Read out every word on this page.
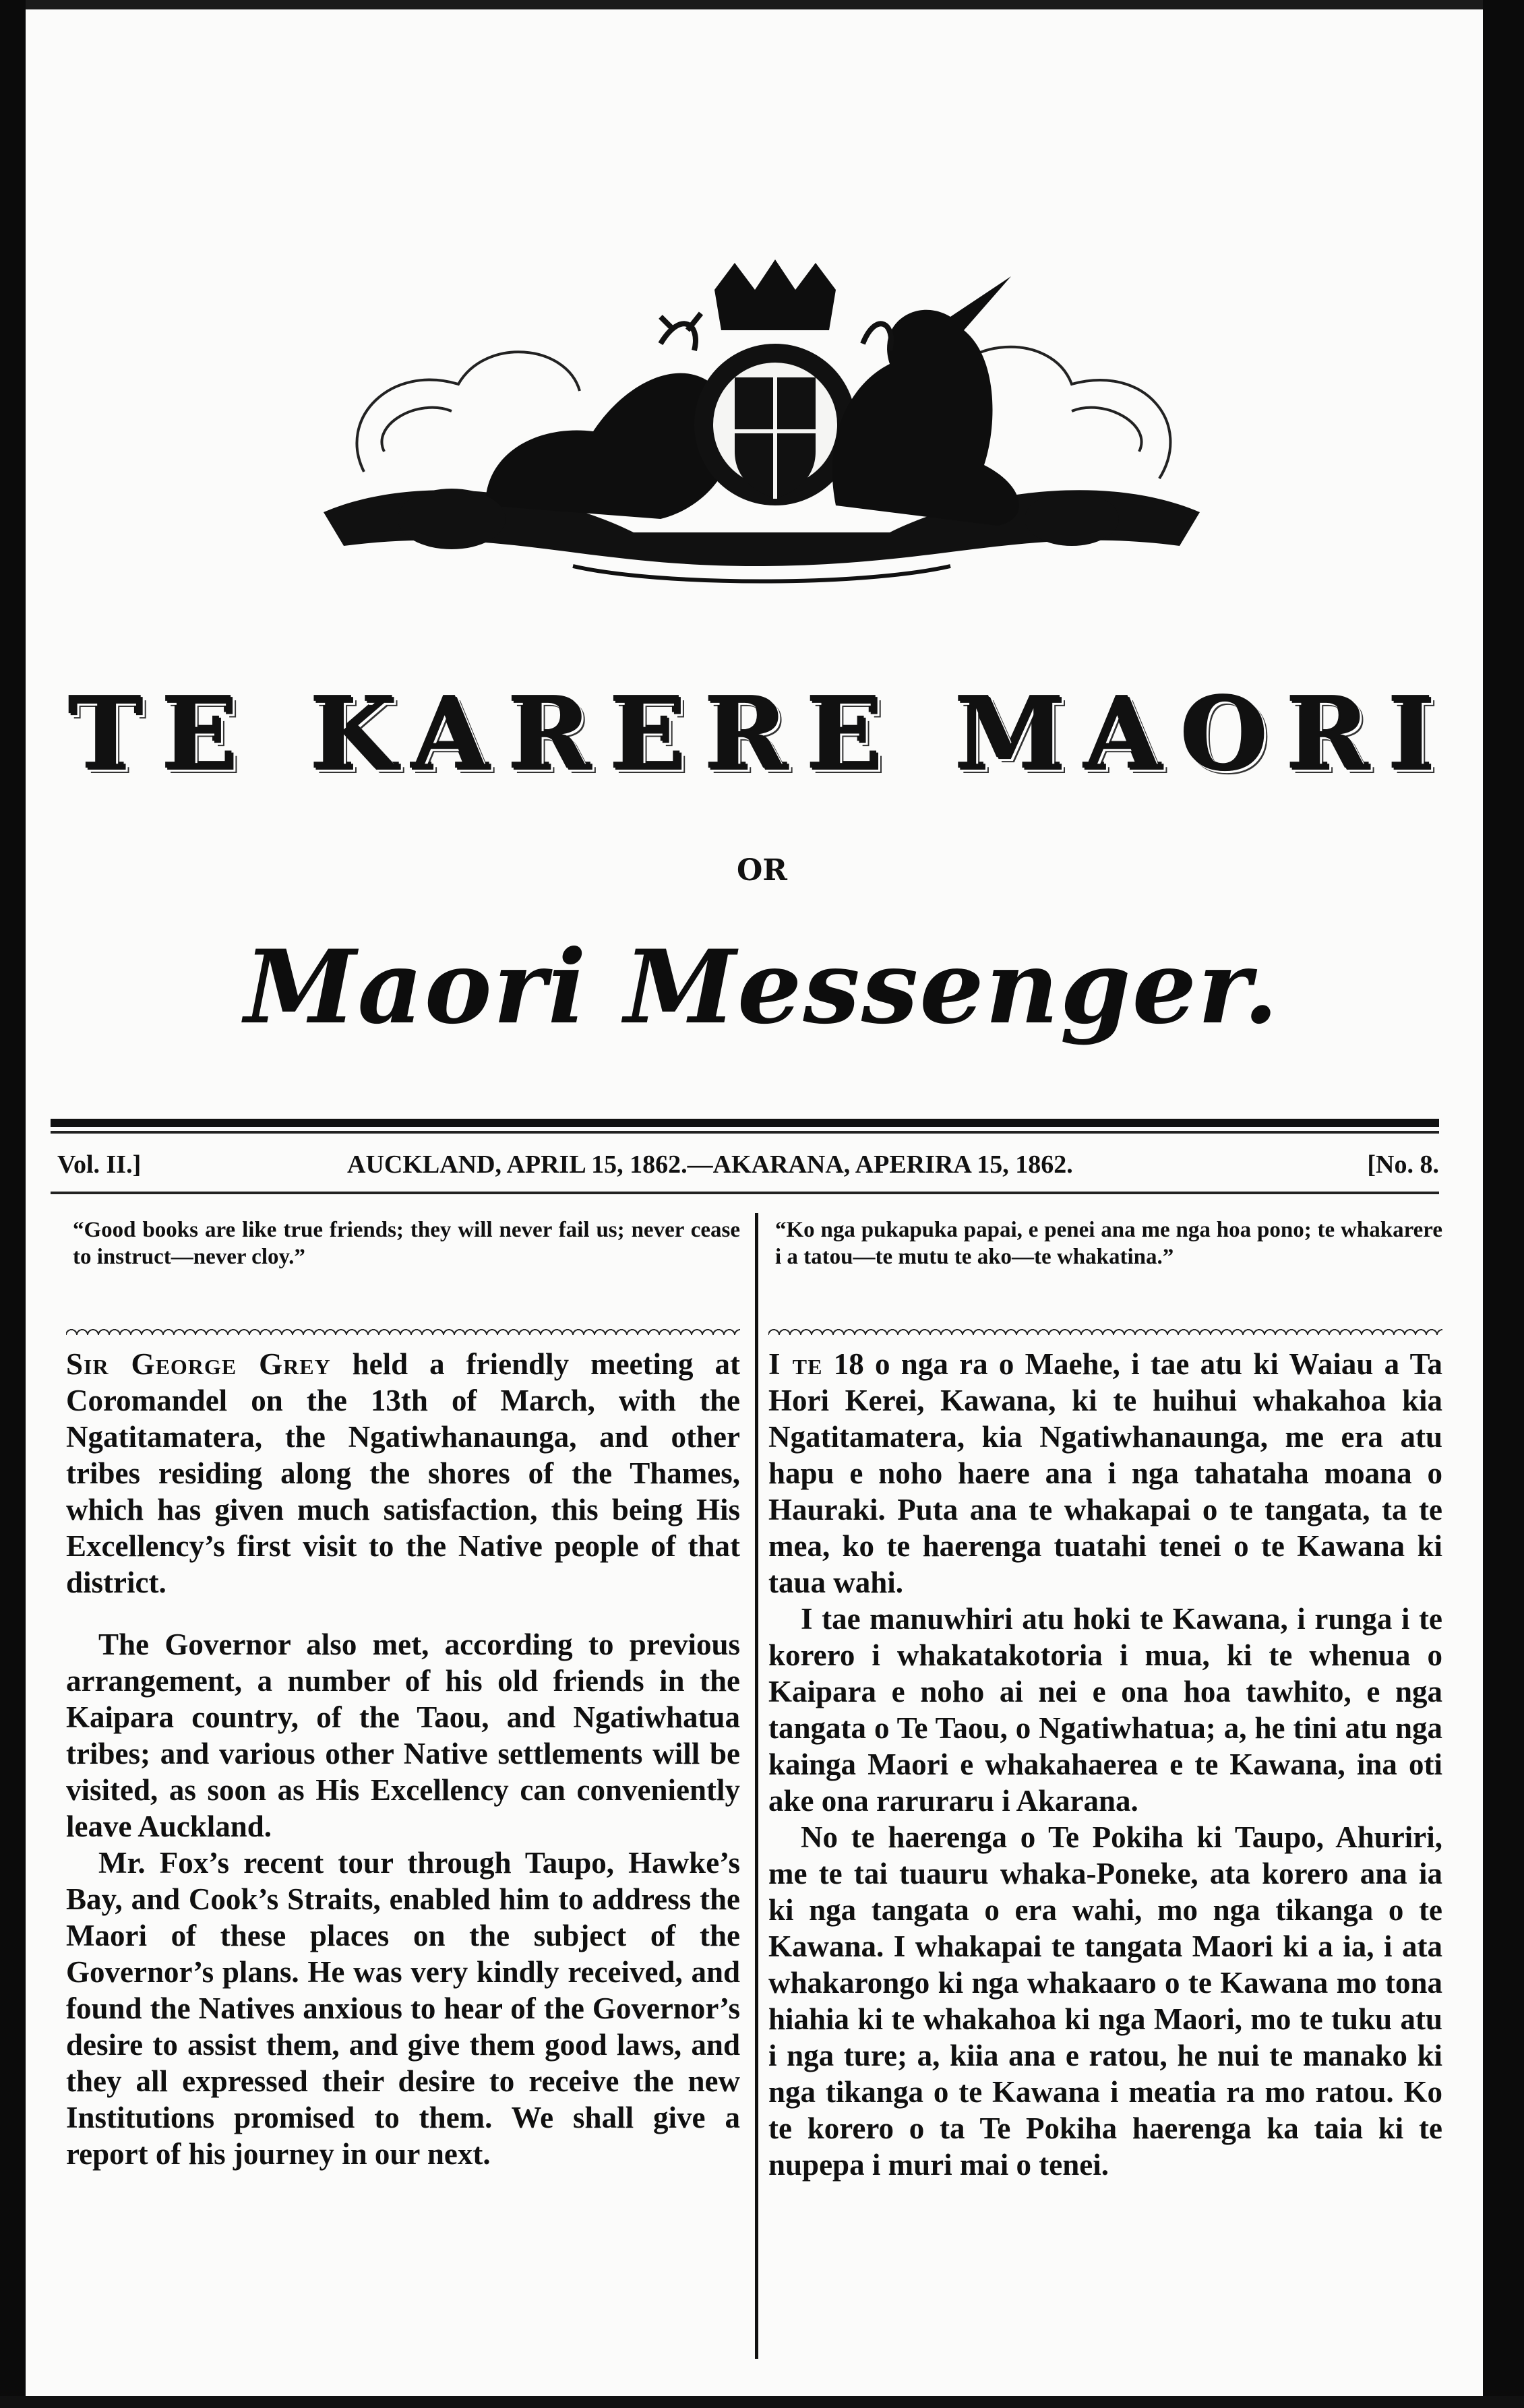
TE KARERE MAORI
OR
Maori Messenger.
Vol. II.]	AUCKLAND, APRIL 15, 1862.—AKARANA, APERIRA 15, 1862.	[No. 8.

“Good books are like true friends; they will never fail us; never cease to instruct—never cloy.”

Sir George Grey held a friendly meeting at Coromandel on the 13th of March, with the Ngatitamatera, the Ngatiwhanaunga, and other tribes residing along the shores of the Thames, which has given much satisfaction, this being His Excellency’s first visit to the Native people of that district.

The Governor also met, according to previous arrangement, a number of his old friends in the Kaipara country, of the Taou, and Ngatiwhatua tribes; and various other Native settlements will be visited, as soon as His Excellency can conveniently leave Auckland.

Mr. Fox’s recent tour through Taupo, Hawke’s Bay, and Cook’s Straits, enabled him to address the Maori of these places on the subject of the Governor’s plans. He was very kindly received, and found the Natives anxious to hear of the Governor’s desire to assist them, and give them good laws, and they all expressed their desire to receive the new Institutions promised to them. We shall give a report of his journey in our next.

“Ko nga pukapuka papai, e penei ana me nga hoa pono; te whakarere i a tatou—te mutu te ako—te whakatina.”

I te 18 o nga ra o Maehe, i tae atu ki Waiau a Ta Hori Kerei, Kawana, ki te huihui whakahoa kia Ngatitamatera, kia Ngatiwhanaunga, me era atu hapu e noho haere ana i nga tahataha moana o Hauraki. Puta ana te whakapai o te tangata, ta te mea, ko te haerenga tuatahi tenei o te Kawana ki taua wahi.

I tae manuwhiri atu hoki te Kawana, i runga i te korero i whakatakotoria i mua, ki te whenua o Kaipara e noho ai nei e ona hoa tawhito, e nga tangata o Te Taou, o Ngatiwhatua; a, he tini atu nga kainga Maori e whakahaerea e te Kawana, ina oti ake ona raruraru i Akarana.

No te haerenga o Te Pokiha ki Taupo, Ahuriri, me te tai tuauru whaka-Poneke, ata korero ana ia ki nga tangata o era wahi, mo nga tikanga o te Kawana. I whakapai te tangata Maori ki a ia, i ata whakarongo ki nga whakaaro o te Kawana mo tona hiahia ki te whakahoa ki nga Maori, mo te tuku atu i nga ture; a, kiia ana e ratou, he nui te manako ki nga tikanga o te Kawana i meatia ra mo ratou. Ko te korero o ta Te Pokiha haerenga ka taia ki te nupepa i muri mai o tenei.
